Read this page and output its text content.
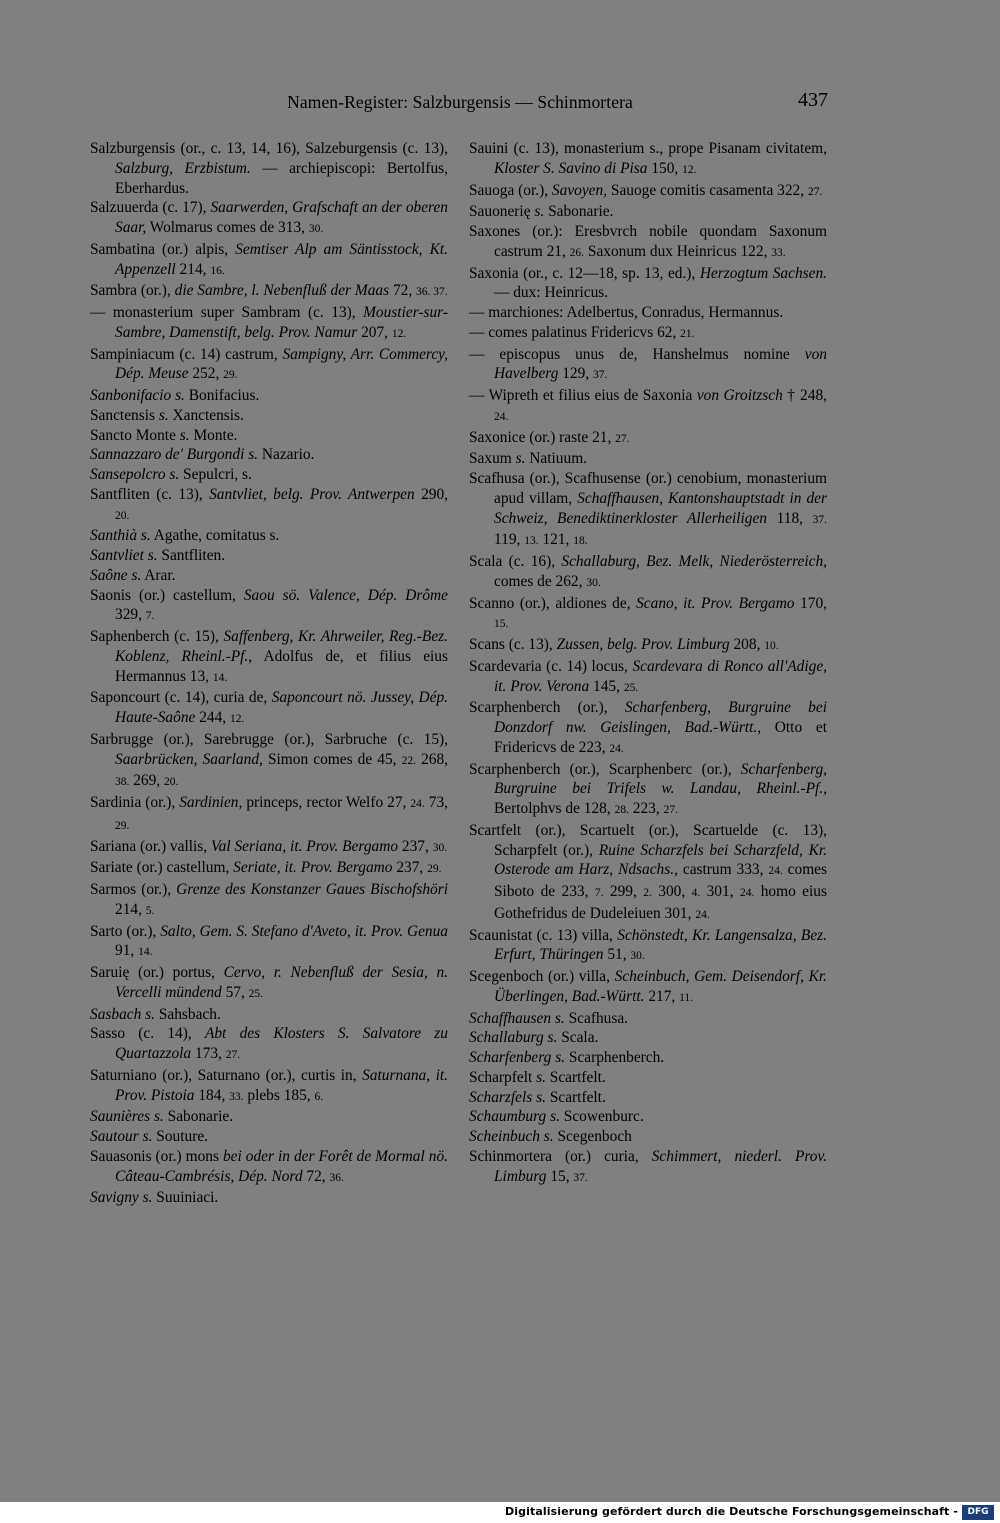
Namen-Register: Salzburgensis — Schinmortera	437
Salzburgensis (or., c. 13, 14, 16), Salzeburgensis (c. 13), Salzburg, Erzbistum. — archiepiscopi: Bertolfus, Eberhardus.
Salzuuerda (c. 17), Saarwerden, Grafschaft an der oberen Saar, Wolmarus comes de 313, 30.
Sambatina (or.) alpis, Semtiser Alp am Säntisstock, Kt. Appenzell 214, 16.
Sambra (or.), die Sambre, l. Nebenfluß der Maas 72, 36. 37.
— monasterium super Sambram (c. 13), Moustier-sur-Sambre, Damenstift, belg. Prov. Namur 207, 12.
Sampiniacum (c. 14) castrum, Sampigny, Arr. Commercy, Dép. Meuse 252, 29.
Sanbonifacio s. Bonifacius.
Sanctensis s. Xanctensis.
Sancto Monte s. Monte.
Sannazzaro de' Burgondi s. Nazario.
Sansepolcro s. Sepulcri, s.
Santfliten (c. 13), Santvliet, belg. Prov. Antwerpen 290, 20.
Santhià s. Agathe, comitatus s.
Santvliet s. Santfliten.
Saône s. Arar.
Saonis (or.) castellum, Saou sö. Valence, Dép. Drôme 329, 7.
Saphenberch (c. 15), Saffenberg, Kr. Ahrweiler, Reg.-Bez. Koblenz, Rheinl.-Pf., Adolfus de, et filius eius Hermannus 13, 14.
Saponcourt (c. 14), curia de, Saponcourt nö. Jussey, Dép. Haute-Saône 244, 12.
Sarbrugge (or.), Sarebrugge (or.), Sarbruche (c. 15), Saarbrücken, Saarland, Simon comes de 45, 22. 268, 38. 269, 20.
Sardinia (or.), Sardinien, princeps, rector Welfo 27, 24. 73, 29.
Sariana (or.) vallis, Val Seriana, it. Prov. Bergamo 237, 30.
Sariate (or.) castellum, Seriate, it. Prov. Bergamo 237, 29.
Sarmos (or.), Grenze des Konstanzer Gaues Bischofshöri 214, 5.
Sarto (or.), Salto, Gem. S. Stefano d'Aveto, it. Prov. Genua 91, 14.
Saruię (or.) portus, Cervo, r. Nebenfluß der Sesia, n. Vercelli mündend 57, 25.
Sasbach s. Sahsbach.
Sasso (c. 14), Abt des Klosters S. Salvatore zu Quartazzola 173, 27.
Saturniano (or.), Saturnano (or.), curtis in, Saturnana, it. Prov. Pistoia 184, 33. plebs 185, 6.
Saunières s. Sabonarie.
Sautour s. Souture.
Sauasonis (or.) mons bei oder in der Forêt de Mormal nö. Câteau-Cambrésis, Dép. Nord 72, 36.
Savigny s. Suuiniaci.
Sauini (c. 13), monasterium s., prope Pisanam civitatem, Kloster S. Savino di Pisa 150, 12.
Sauoga (or.), Savoyen, Sauoge comitis casamenta 322, 27.
Sauonerię s. Sabonarie.
Saxones (or.): Eresbvrch nobile quondam Saxonum castrum 21, 26. Saxonum dux Heinricus 122, 33.
Saxonia (or., c. 12—18, sp. 13, ed.), Herzogtum Sachsen. — dux: Heinricus.
— marchiones: Adelbertus, Conradus, Hermannus.
— comes palatinus Fridericvs 62, 21.
— episcopus unus de, Hanshelmus nomine von Havelberg 129, 37.
— Wipreth et filius eius de Saxonia von Groitzsch † 248, 24.
Saxonice (or.) raste 21, 27.
Saxum s. Natiuum.
Scafhusa (or.), Scafhusense (or.) cenobium, monasterium apud villam, Schaffhausen, Kantonshauptstadt in der Schweiz, Benediktinerkloster Allerheiligen 118, 37. 119, 13. 121, 18.
Scala (c. 16), Schallaburg, Bez. Melk, Niederösterreich, comes de 262, 30.
Scanno (or.), aldiones de, Scano, it. Prov. Bergamo 170, 15.
Scans (c. 13), Zussen, belg. Prov. Limburg 208, 10.
Scardevaria (c. 14) locus, Scardevara di Ronco all'Adige, it. Prov. Verona 145, 25.
Scarphenberch (or.), Scharfenberg, Burgruine bei Donzdorf nw. Geislingen, Bad.-Württ., Otto et Fridericvs de 223, 24.
Scarphenberch (or.), Scarphenberc (or.), Scharfenberg, Burgruine bei Trifels w. Landau, Rheinl.-Pf., Bertolphvs de 128, 28. 223, 27.
Scartfelt (or.), Scartuelt (or.), Scartuelde (c. 13), Scharpfelt (or.), Ruine Scharzfels bei Scharzfeld, Kr. Osterode am Harz, Ndsachs., castrum 333, 24. comes Siboto de 233, 7. 299, 2. 300, 4. 301, 24. homo eius Gothefridus de Dudeleiuen 301, 24.
Scaunistat (c. 13) villa, Schönstedt, Kr. Langensalza, Bez. Erfurt, Thüringen 51, 30.
Scegenboch (or.) villa, Scheinbuch, Gem. Deisendorf, Kr. Überlingen, Bad.-Württ. 217, 11.
Schaffhausen s. Scafhusa.
Schallaburg s. Scala.
Scharfenberg s. Scarphenberch.
Scharpfelt s. Scartfelt.
Scharzfels s. Scartfelt.
Schaumburg s. Scowenburc.
Scheinbuch s. Scegenboch
Schinmortera (or.) curia, Schimmert, niederl. Prov. Limburg 15, 37.
Digitalisierung gefördert durch die Deutsche Forschungsgemeinschaft -	DFG
